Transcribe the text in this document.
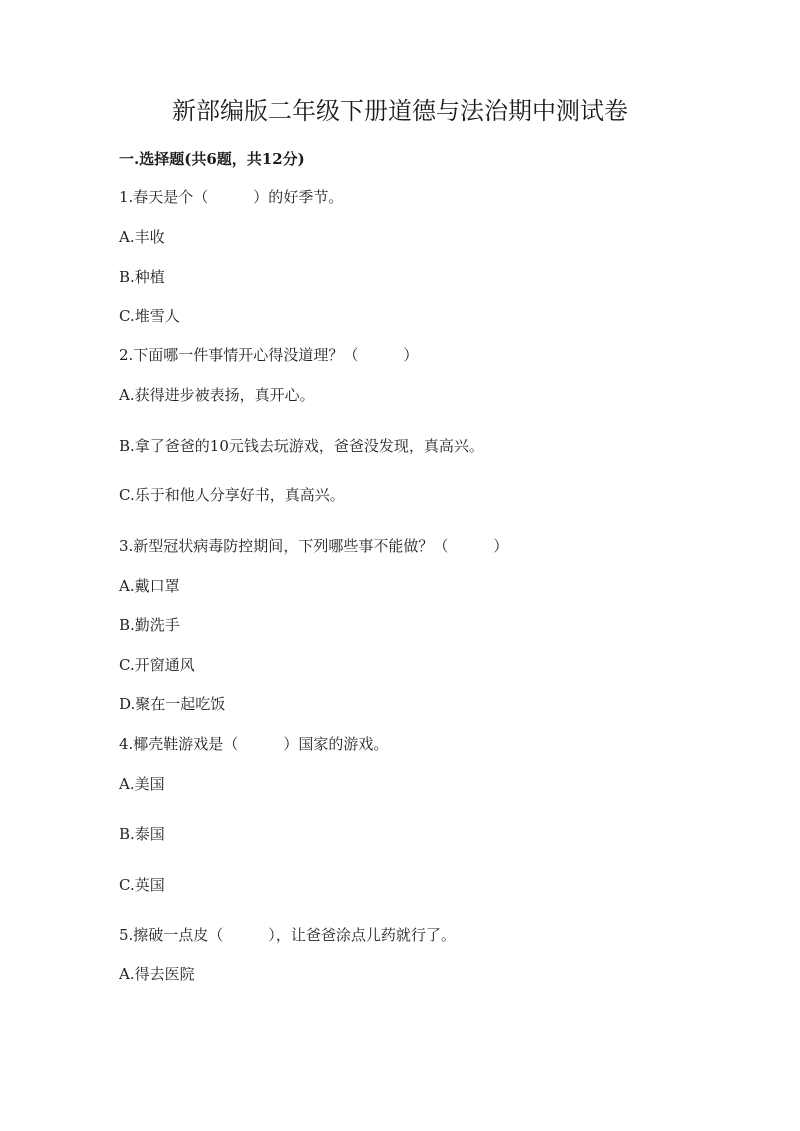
新部编版二年级下册道德与法治期中测试卷
一.选择题(共6题，共12分)
1.春天是个（　　　）的好季节。
A.丰收
B.种植
C.堆雪人
2.下面哪一件事情开心得没道理？（　　　）
A.获得进步被表扬，真开心。
B.拿了爸爸的10元钱去玩游戏，爸爸没发现，真高兴。
C.乐于和他人分享好书，真高兴。
3.新型冠状病毒防控期间，下列哪些事不能做？（　　　）
A.戴口罩
B.勤洗手
C.开窗通风
D.聚在一起吃饭
4.椰壳鞋游戏是（　　　）国家的游戏。
A.美国
B.泰国
C.英国
5.擦破一点皮（　　　），让爸爸涂点儿药就行了。
A.得去医院
